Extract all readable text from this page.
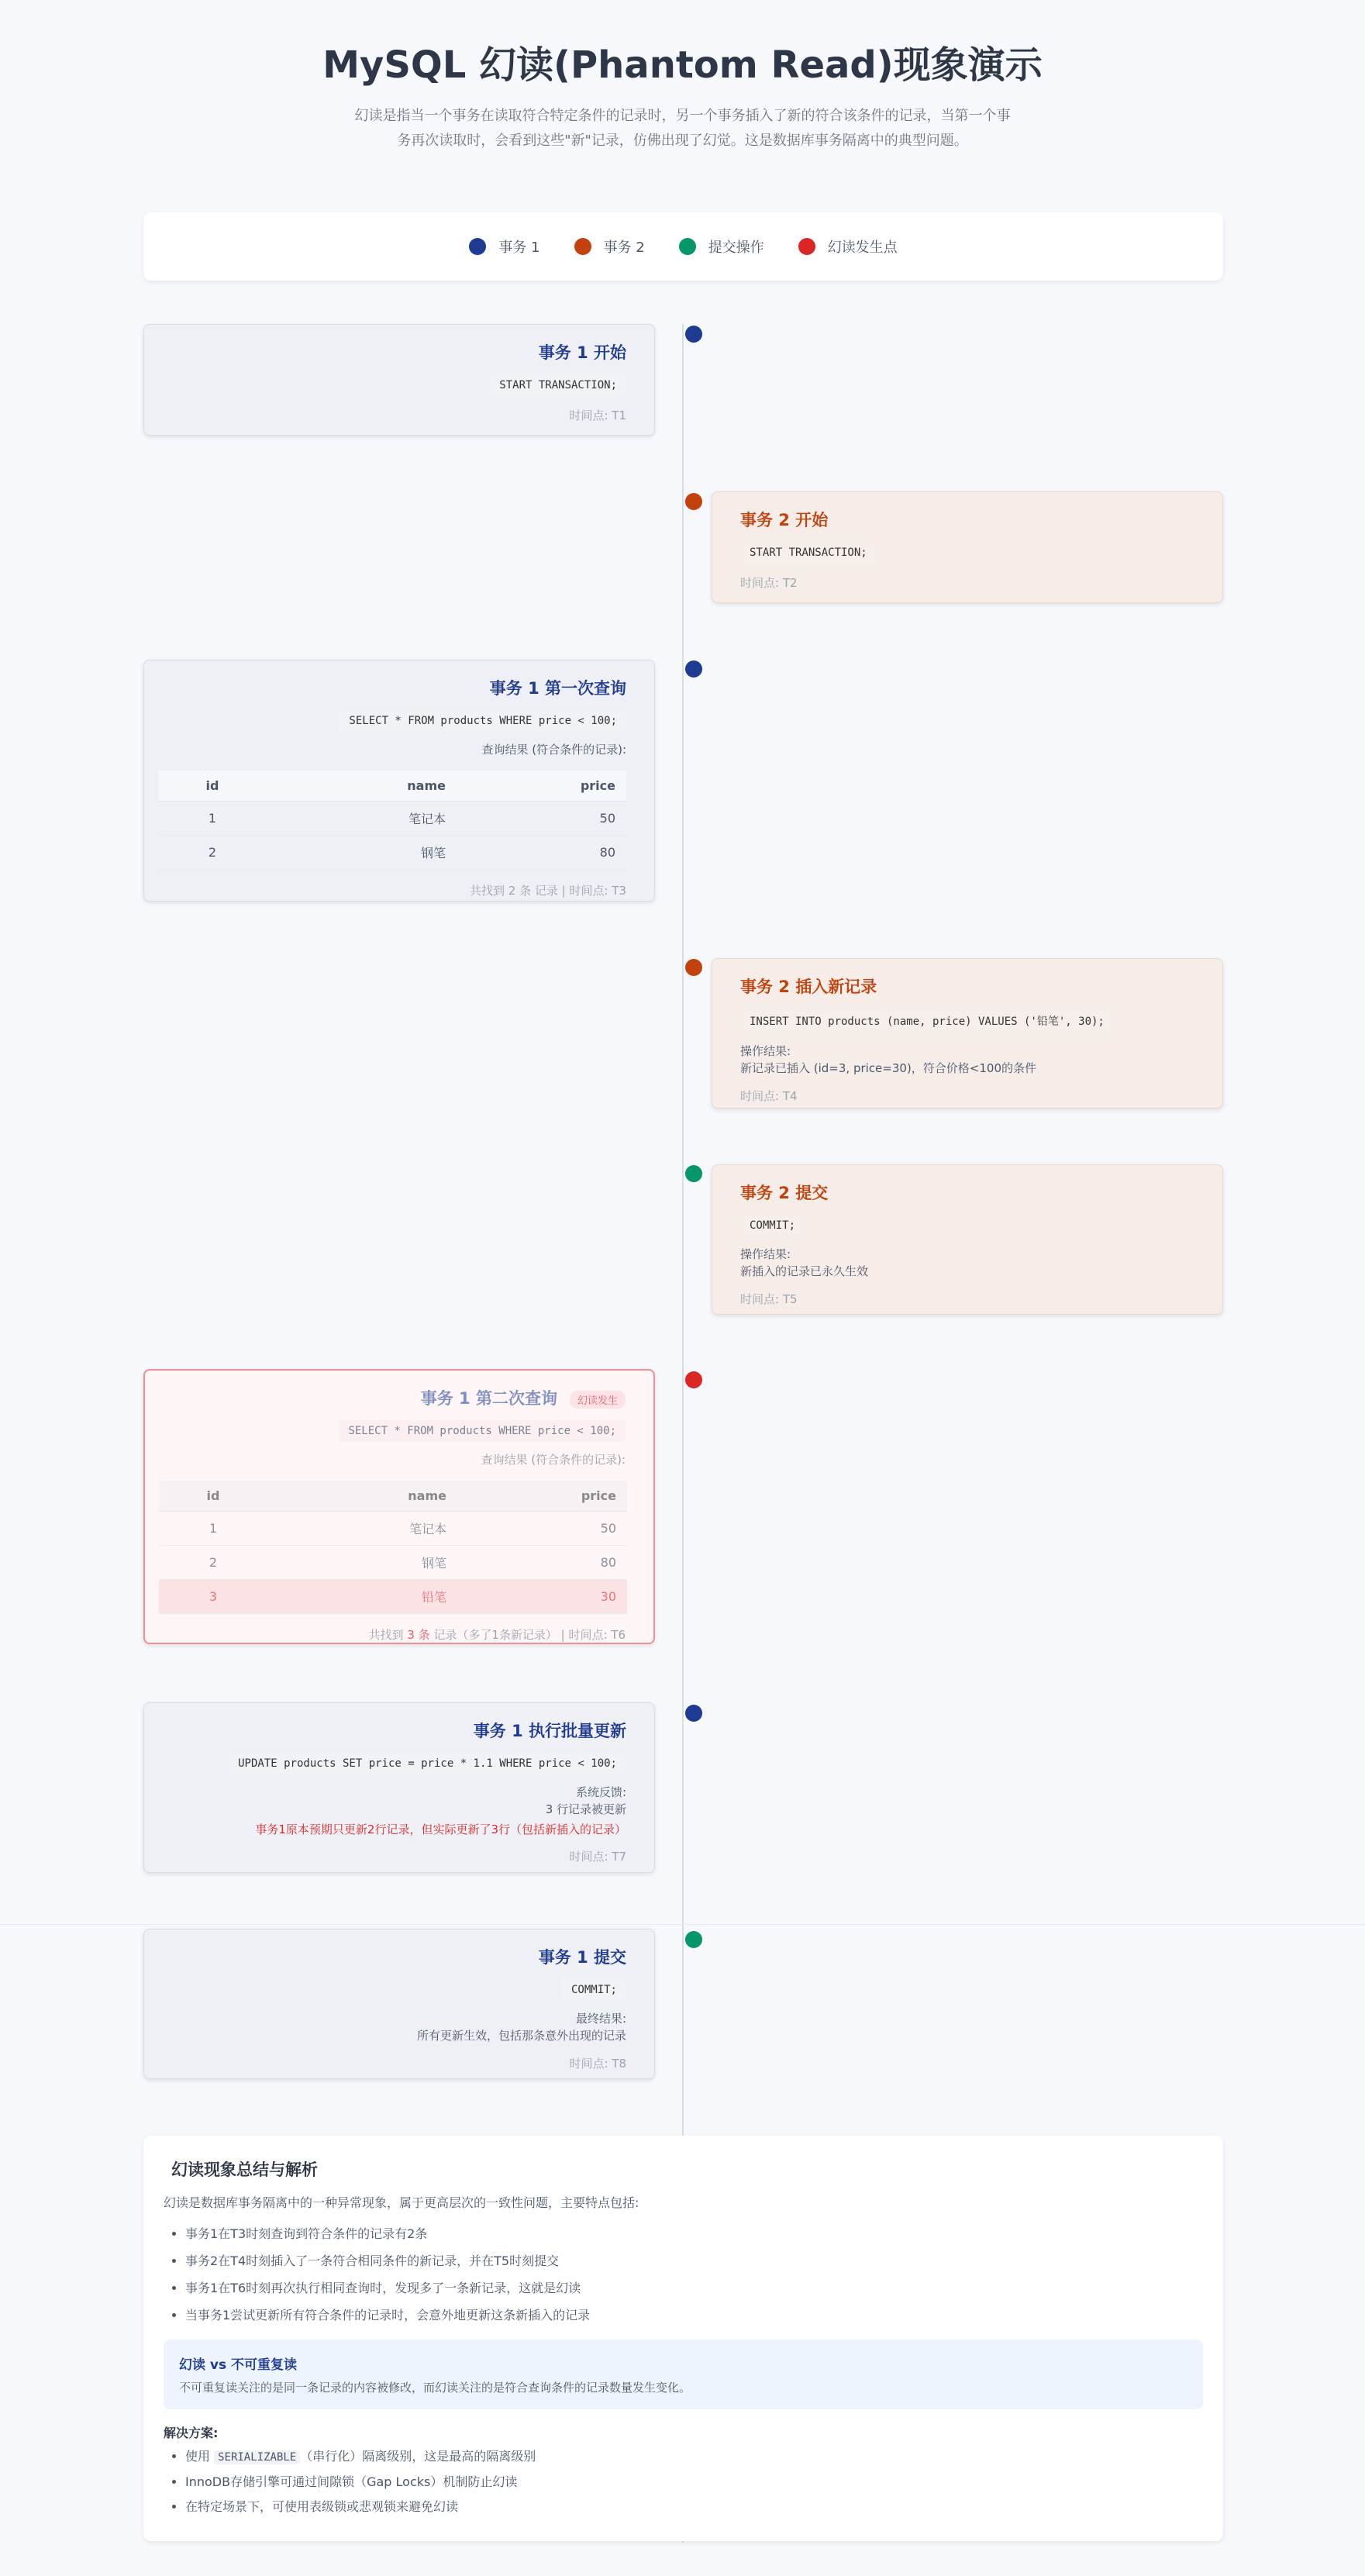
MySQL 幻读(Phantom Read)现象演示
幻读是指当一个事务在读取符合特定条件的记录时，另一个事务插入了新的符合该条件的记录，当第一个事务再次读取时，会看到这些"新"记录，仿佛出现了幻觉。这是数据库事务隔离中的典型问题。
事务 1	事务 2	提交操作	幻读发生点
事务 1 开始
START TRANSACTION;
时间点: T1
事务 2 开始
START TRANSACTION;
时间点: T2
事务 1 第一次查询
SELECT * FROM products WHERE price < 100;
查询结果 (符合条件的记录):
id	name	price
1	笔记本	50
2	钢笔	80
共找到 2 条 记录 | 时间点: T3
事务 2 插入新记录
INSERT INTO products (name, price) VALUES ('铅笔', 30);
操作结果:
新记录已插入 (id=3, price=30)，符合价格<100的条件
时间点: T4
事务 2 提交
COMMIT;
操作结果:
新插入的记录已永久生效
时间点: T5
事务 1 第二次查询 幻读发生
SELECT * FROM products WHERE price < 100;
查询结果 (符合条件的记录):
id	name	price
1	笔记本	50
2	钢笔	80
3	铅笔	30
共找到 3 条 记录（多了1条新记录） | 时间点: T6
事务 1 执行批量更新
UPDATE products SET price = price * 1.1 WHERE price < 100;
系统反馈:
3 行记录被更新
事务1原本预期只更新2行记录，但实际更新了3行（包括新插入的记录）
时间点: T7
事务 1 提交
COMMIT;
最终结果:
所有更新生效，包括那条意外出现的记录
时间点: T8
幻读现象总结与解析
幻读是数据库事务隔离中的一种异常现象，属于更高层次的一致性问题，主要特点包括:
• 事务1在T3时刻查询到符合条件的记录有2条
• 事务2在T4时刻插入了一条符合相同条件的新记录，并在T5时刻提交
• 事务1在T6时刻再次执行相同查询时，发现多了一条新记录，这就是幻读
• 当事务1尝试更新所有符合条件的记录时，会意外地更新这条新插入的记录
幻读 vs 不可重复读
不可重复读关注的是同一条记录的内容被修改，而幻读关注的是符合查询条件的记录数量发生变化。
解决方案:
• 使用 SERIALIZABLE （串行化）隔离级别，这是最高的隔离级别
• InnoDB存储引擎可通过间隙锁（Gap Locks）机制防止幻读
• 在特定场景下，可使用表级锁或悲观锁来避免幻读
